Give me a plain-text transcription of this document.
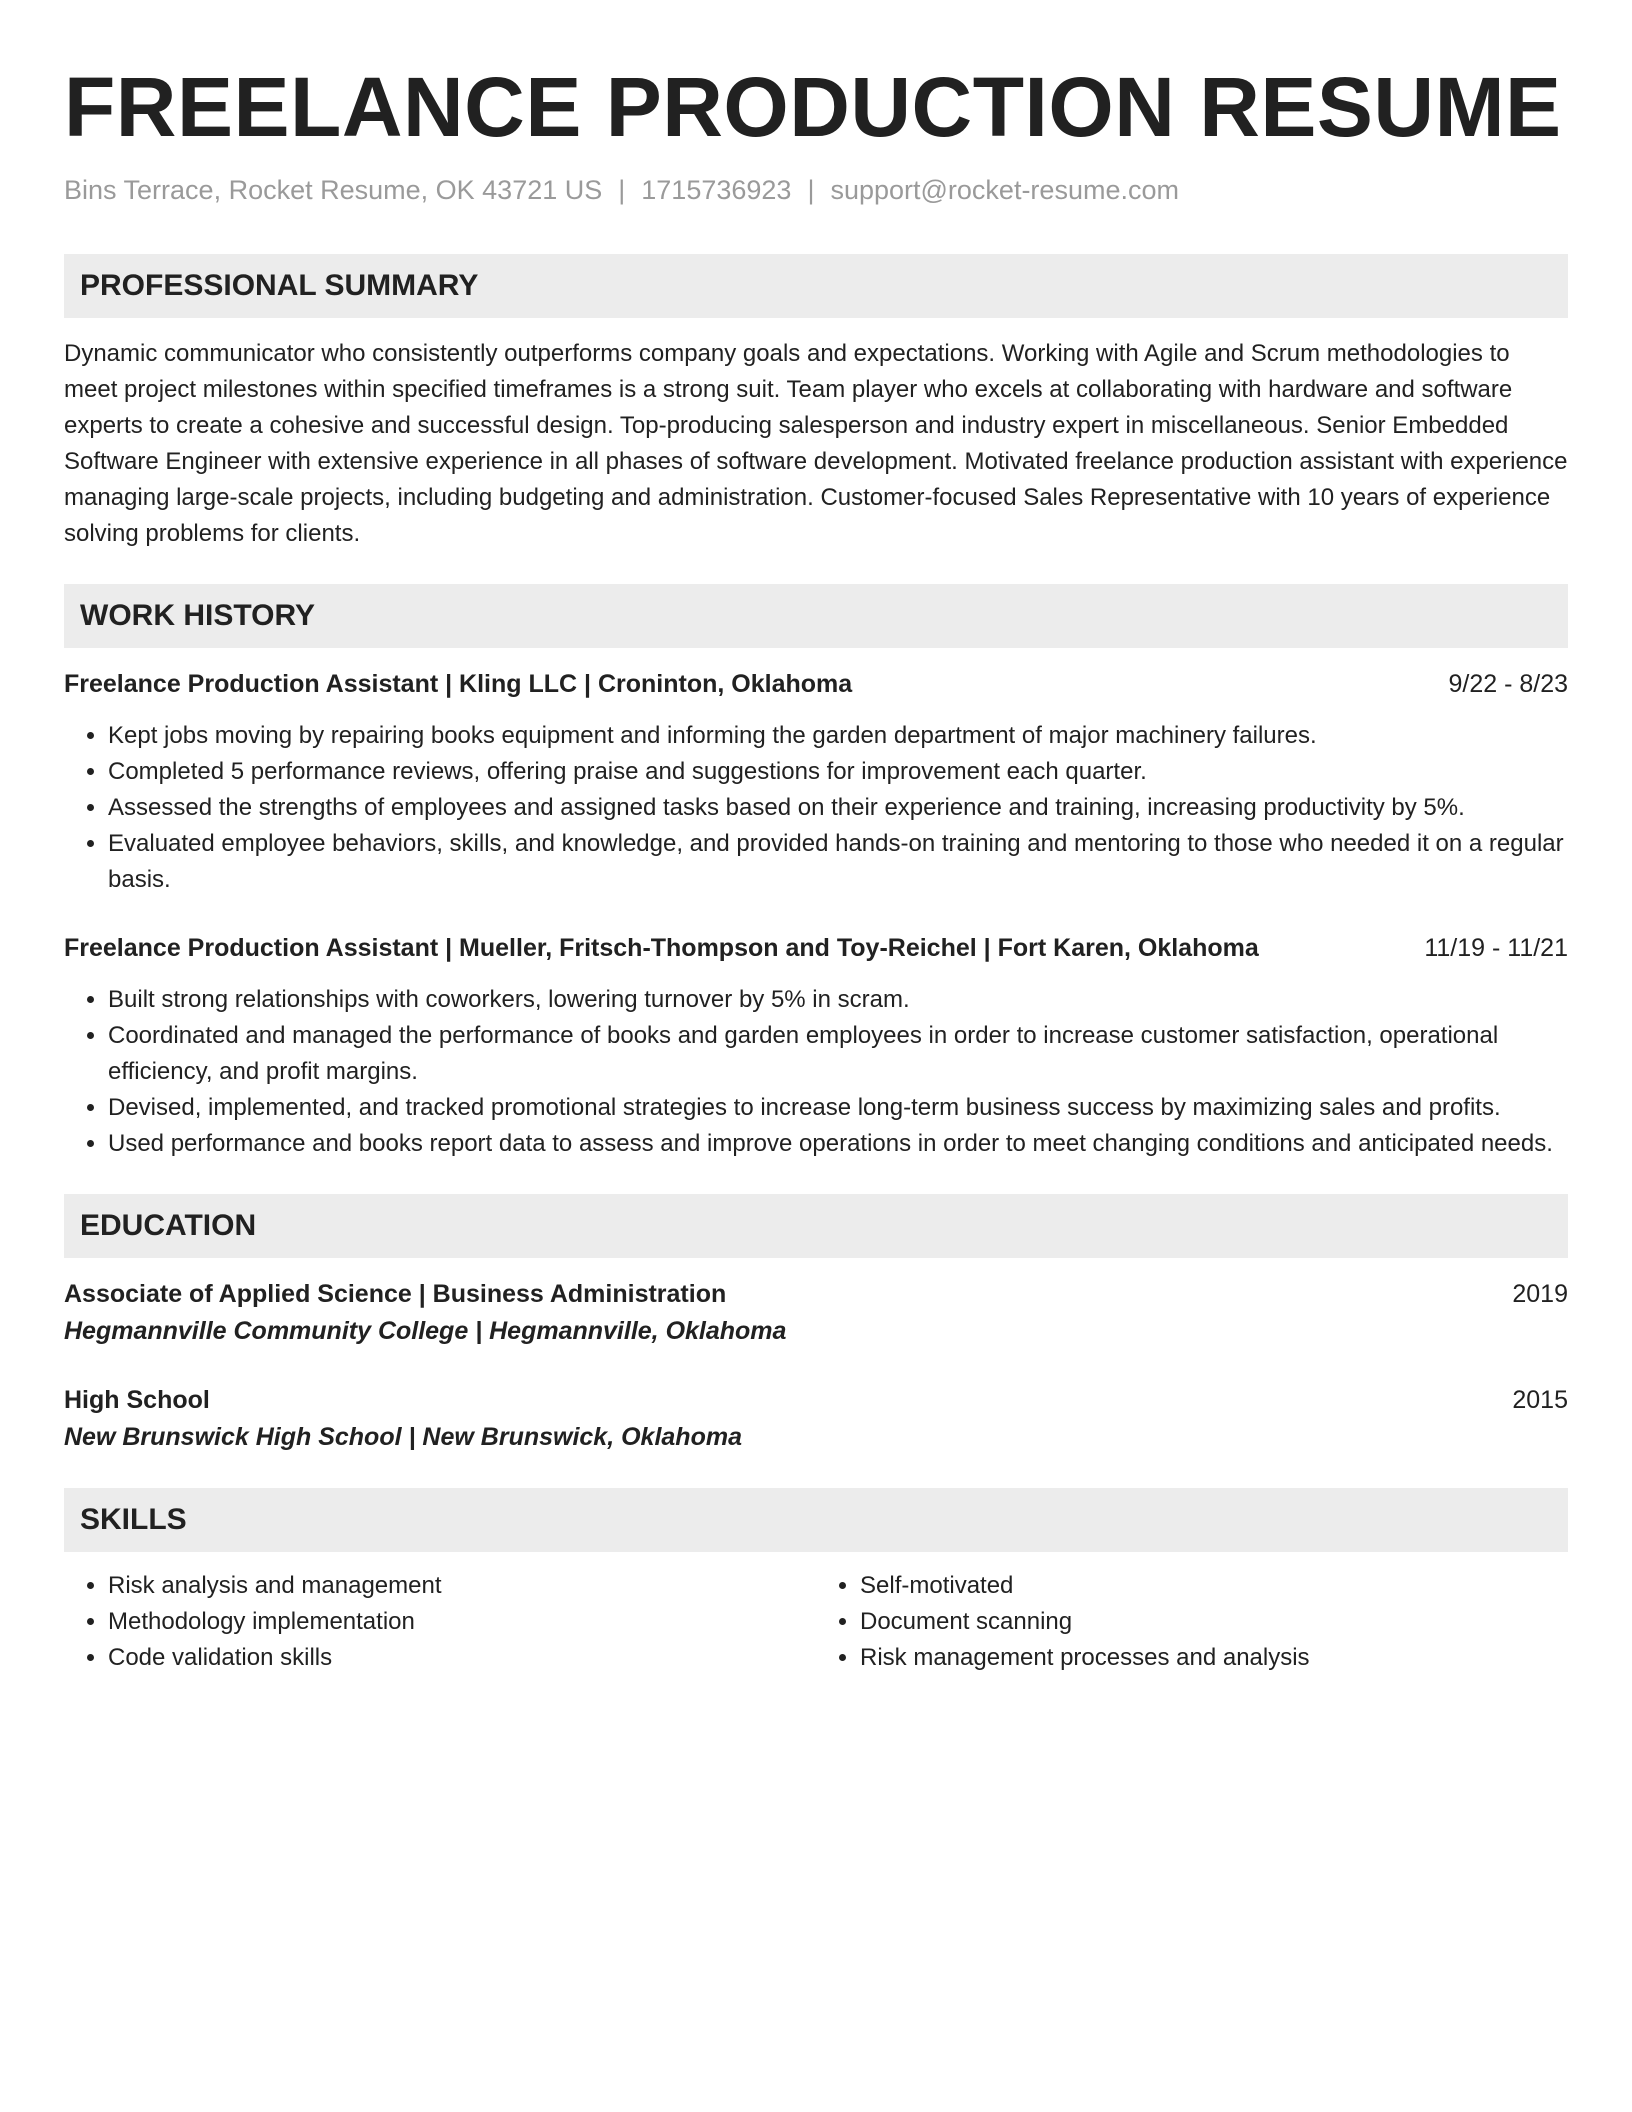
FREELANCE PRODUCTION RESUME
Bins Terrace, Rocket Resume, OK 43721 US | 1715736923 | support@rocket-resume.com
PROFESSIONAL SUMMARY

Dynamic communicator who consistently outperforms company goals and expectations. Working with Agile and Scrum methodologies to meet project milestones within specified timeframes is a strong suit. Team player who excels at collaborating with hardware and software experts to create a cohesive and successful design. Top-producing salesperson and industry expert in miscellaneous. Senior Embedded Software Engineer with extensive experience in all phases of software development. Motivated freelance production assistant with experience managing large-scale projects, including budgeting and administration. Customer-focused Sales Representative with 10 years of experience solving problems for clients.

WORK HISTORY
Freelance Production Assistant | Kling LLC | Croninton, Oklahoma	9/22 - 8/23
• Kept jobs moving by repairing books equipment and informing the garden department of major machinery failures.
• Completed 5 performance reviews, offering praise and suggestions for improvement each quarter.
• Assessed the strengths of employees and assigned tasks based on their experience and training, increasing productivity by 5%.
• Evaluated employee behaviors, skills, and knowledge, and provided hands-on training and mentoring to those who needed it on a regular basis.
Freelance Production Assistant | Mueller, Fritsch-Thompson and Toy-Reichel | Fort Karen, Oklahoma	11/19 - 11/21
• Built strong relationships with coworkers, lowering turnover by 5% in scram.
• Coordinated and managed the performance of books and garden employees in order to increase customer satisfaction, operational efficiency, and profit margins.
• Devised, implemented, and tracked promotional strategies to increase long-term business success by maximizing sales and profits.
• Used performance and books report data to assess and improve operations in order to meet changing conditions and anticipated needs.
EDUCATION
Associate of Applied Science | Business Administration	2019
Hegmannville Community College | Hegmannville, Oklahoma
High School	2015
New Brunswick High School | New Brunswick, Oklahoma
SKILLS
• Risk analysis and management
• Methodology implementation
• Code validation skills
• Self-motivated
• Document scanning
• Risk management processes and analysis
